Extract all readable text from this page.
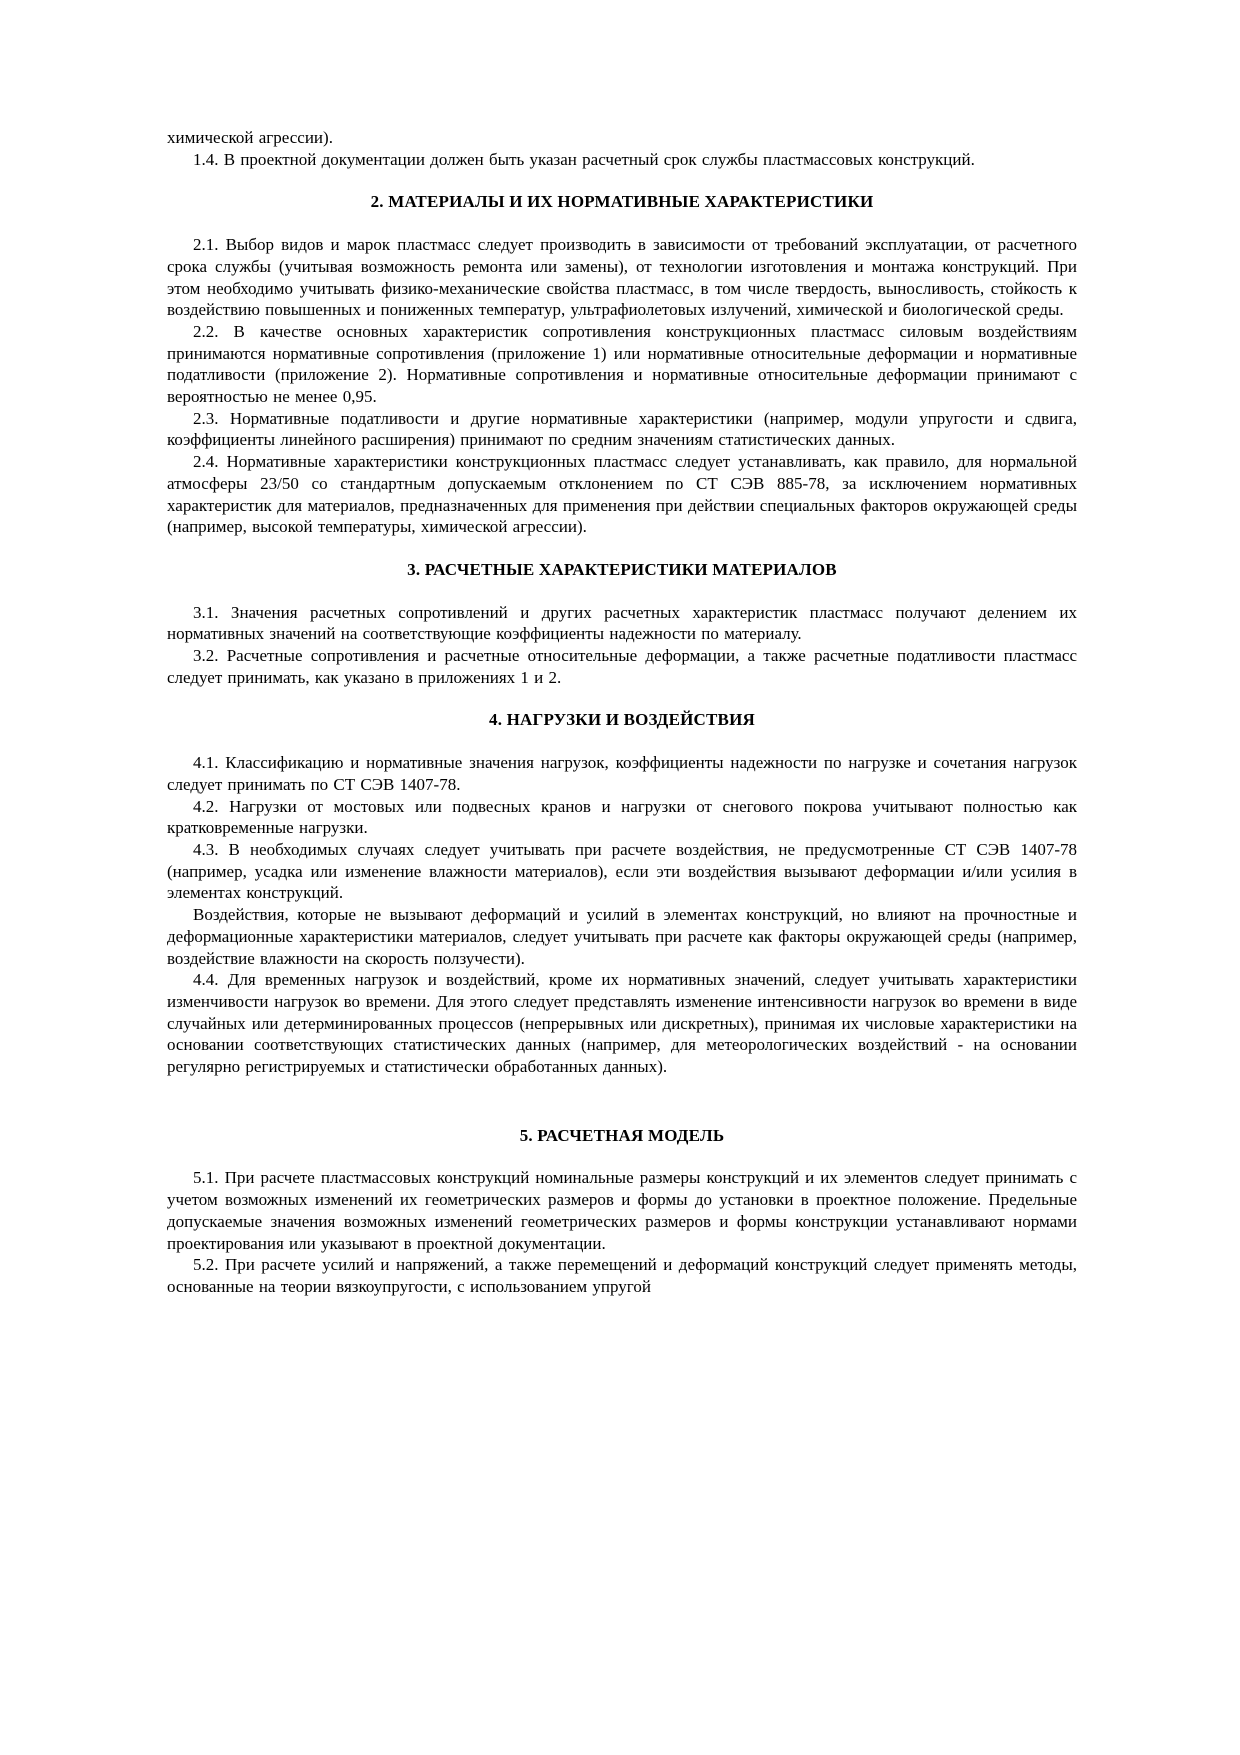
химической агрессии).

1.4. В проектной документации должен быть указан расчетный срок службы пластмассовых конструкций.

2. МАТЕРИАЛЫ И ИХ НОРМАТИВНЫЕ ХАРАКТЕРИСТИКИ

2.1. Выбор видов и марок пластмасс следует производить в зависимости от требований эксплуатации, от расчетного срока службы (учитывая возможность ремонта или замены), от технологии изготовления и монтажа конструкций. При этом необходимо учитывать физико-механические свойства пластмасс, в том числе твердость, выносливость, стойкость к воздействию повышенных и пониженных температур, ультрафиолетовых излучений, химической и биологической среды.

2.2. В качестве основных характеристик сопротивления конструкционных пластмасс силовым воздействиям принимаются нормативные сопротивления (приложение 1) или нормативные относительные деформации и нормативные податливости (приложение 2). Нормативные сопротивления и нормативные относительные деформации принимают с вероятностью не менее 0,95.

2.3. Нормативные податливости и другие нормативные характеристики (например, модули упругости и сдвига, коэффициенты линейного расширения) принимают по средним значениям статистических данных.

2.4. Нормативные характеристики конструкционных пластмасс следует устанавливать, как правило, для нормальной атмосферы 23/50 со стандартным допускаемым отклонением по СТ СЭВ 885-78, за исключением нормативных характеристик для материалов, предназначенных для применения при действии специальных факторов окружающей среды (например, высокой температуры, химической агрессии).

3. РАСЧЕТНЫЕ ХАРАКТЕРИСТИКИ МАТЕРИАЛОВ

3.1. Значения расчетных сопротивлений и других расчетных характеристик пластмасс получают делением их нормативных значений на соответствующие коэффициенты надежности по материалу.

3.2. Расчетные сопротивления и расчетные относительные деформации, а также расчетные податливости пластмасс следует принимать, как указано в приложениях 1 и 2.

4. НАГРУЗКИ И ВОЗДЕЙСТВИЯ

4.1. Классификацию и нормативные значения нагрузок, коэффициенты надежности по нагрузке и сочетания нагрузок следует принимать по СТ СЭВ 1407-78.

4.2. Нагрузки от мостовых или подвесных кранов и нагрузки от снегового покрова учитывают полностью как кратковременные нагрузки.

4.3. В необходимых случаях следует учитывать при расчете воздействия, не предусмотренные СТ СЭВ 1407-78 (например, усадка или изменение влажности материалов), если эти воздействия вызывают деформации и/или усилия в элементах конструкций.

Воздействия, которые не вызывают деформаций и усилий в элементах конструкций, но влияют на прочностные и деформационные характеристики материалов, следует учитывать при расчете как факторы окружающей среды (например, воздействие влажности на скорость ползучести).

4.4. Для временных нагрузок и воздействий, кроме их нормативных значений, следует учитывать характеристики изменчивости нагрузок во времени. Для этого следует представлять изменение интенсивности нагрузок во времени в виде случайных или детерминированных процессов (непрерывных или дискретных), принимая их числовые характеристики на основании соответствующих статистических данных (например, для метеорологических воздействий - на основании регулярно регистрируемых и статистически обработанных данных).

5. РАСЧЕТНАЯ МОДЕЛЬ

5.1. При расчете пластмассовых конструкций номинальные размеры конструкций и их элементов следует принимать с учетом возможных изменений их геометрических размеров и формы до установки в проектное положение. Предельные допускаемые значения возможных изменений геометрических размеров и формы конструкции устанавливают нормами проектирования или указывают в проектной документации.

5.2. При расчете усилий и напряжений, а также перемещений и деформаций конструкций следует применять методы, основанные на теории вязкоупругости, с использованием упругой
